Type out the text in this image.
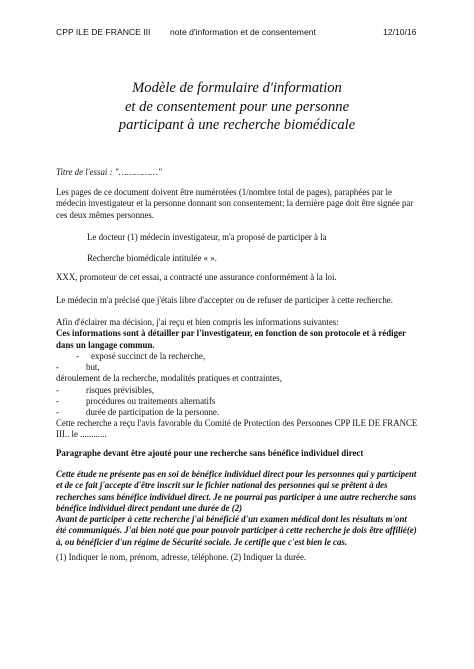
CPP ILE DE FRANCE III note d'information et de consentement	12/10/16
Modèle de formulaire d'information
et de consentement pour une personne
participant à une recherche biomédicale
Titre de l'essai : "……………"
Les pages de ce document doivent être numérotées (1/nombre total de pages), paraphées par le
médecin investigateur et la personne donnant son consentement; la dernière page doit être signée par
ces deux mêmes personnes.
Le docteur (1) médecin investigateur, m'a proposé de participer à la
Recherche biomédicale intitulée « ».
XXX, promoteur de cet essai, a contracté une assurance conformément à la loi.
Le médecin m'a précisé que j'étais libre d'accepter ou de refuser de participer à cette recherche.
Afin d'éclairer ma décision, j'ai reçu et bien compris les informations suivantes:
Ces informations sont à détailler par l'investigateur, en fonction de son protocole et à rédiger
dans un langage commun.
- exposé succinct de la recherche,
-	but,
déroulement de la recherche, modalités pratiques et contraintes,
-	risques prévisibles,
-	procédures ou traitements alternatifs
-	durée de participation de la personne.
Cette recherche a reçu l'avis favorable du Comité de Protection des Personnes CPP ILE DE FRANCE
III.. le ............
Paragraphe devant être ajouté pour une recherche sans bénéfice individuel direct
Cette étude ne présente pas en soi de bénéfice individuel direct pour les personnes qui y participent
et de ce fait j'accepte d'être inscrit sur le fichier national des personnes qui se prêtent à des
recherches sans bénéfice individuel direct. Je ne pourrai pas participer à une autre recherche sans
bénéfice individuel direct pendant une durée de (2)
Avant de participer à cette recherche j'ai bénéficié d'un examen médical dont les résultats m'ont
été communiqués. J'ai bien noté que pour pouvoir participer à cette recherche je dois être affilié(e)
à, ou bénéficier d'un régime de Sécurité sociale. Je certifie que c'est bien le cas.
(1) Indiquer le nom, prénom, adresse, téléphone. (2) Indiquer la durée.
